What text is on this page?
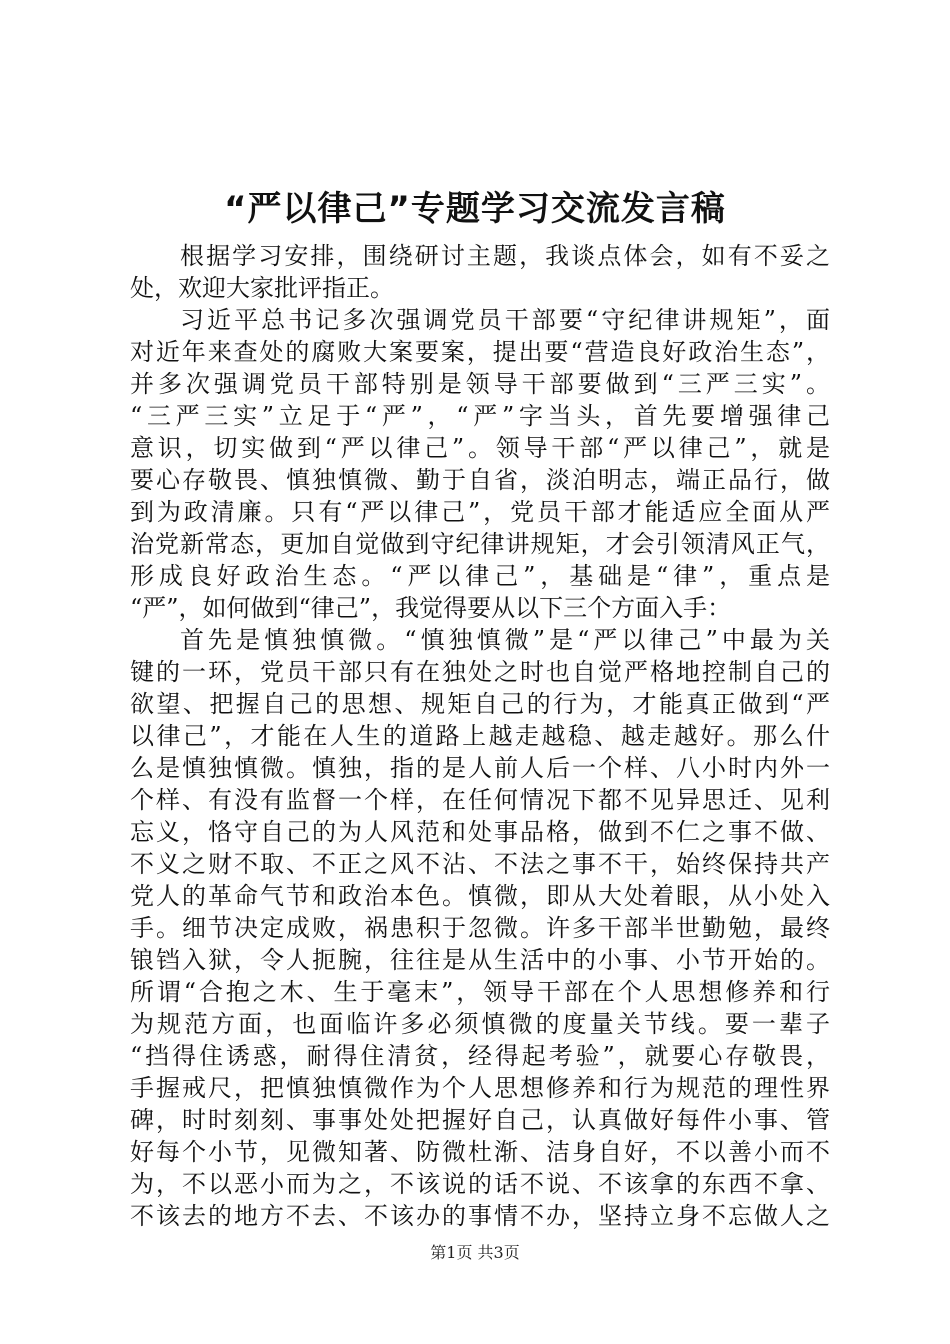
“严以律己”专题学习交流发言稿
根据学习安排，围绕研讨主题，我谈点体会，如有不妥之
处，欢迎大家批评指正。
习近平总书记多次强调党员干部要“守纪律讲规矩”，面
对近年来查处的腐败大案要案，提出要“营造良好政治生态”，
并多次强调党员干部特别是领导干部要做到“三严三实”。
“三严三实”立足于“严”，“严”字当头，首先要增强律己
意识，切实做到“严以律己”。领导干部“严以律己”，就是
要心存敬畏、慎独慎微、勤于自省，淡泊明志，端正品行，做
到为政清廉。只有“严以律己”，党员干部才能适应全面从严
治党新常态，更加自觉做到守纪律讲规矩，才会引领清风正气，
形成良好政治生态。“严以律己”，基础是“律”，重点是
“严”，如何做到“律己”，我觉得要从以下三个方面入手：
首先是慎独慎微。“慎独慎微”是“严以律己”中最为关
键的一环，党员干部只有在独处之时也自觉严格地控制自己的
欲望、把握自己的思想、规矩自己的行为，才能真正做到“严
以律己”，才能在人生的道路上越走越稳、越走越好。那么什
么是慎独慎微。慎独，指的是人前人后一个样、八小时内外一
个样、有没有监督一个样，在任何情况下都不见异思迁、见利
忘义，恪守自己的为人风范和处事品格，做到不仁之事不做、
不义之财不取、不正之风不沾、不法之事不干，始终保持共产
党人的革命气节和政治本色。慎微，即从大处着眼，从小处入
手。细节决定成败，祸患积于忽微。许多干部半世勤勉，最终
锒铛入狱，令人扼腕，往往是从生活中的小事、小节开始的。
所谓“合抱之木、生于毫末”，领导干部在个人思想修养和行
为规范方面，也面临许多必须慎微的度量关节线。要一辈子
“挡得住诱惑，耐得住清贫，经得起考验”，就要心存敬畏，
手握戒尺，把慎独慎微作为个人思想修养和行为规范的理性界
碑，时时刻刻、事事处处把握好自己，认真做好每件小事、管
好每个小节，见微知著、防微杜渐、洁身自好，不以善小而不
为，不以恶小而为之，不该说的话不说、不该拿的东西不拿、
不该去的地方不去、不该办的事情不办，坚持立身不忘做人之
第1页 共3页
